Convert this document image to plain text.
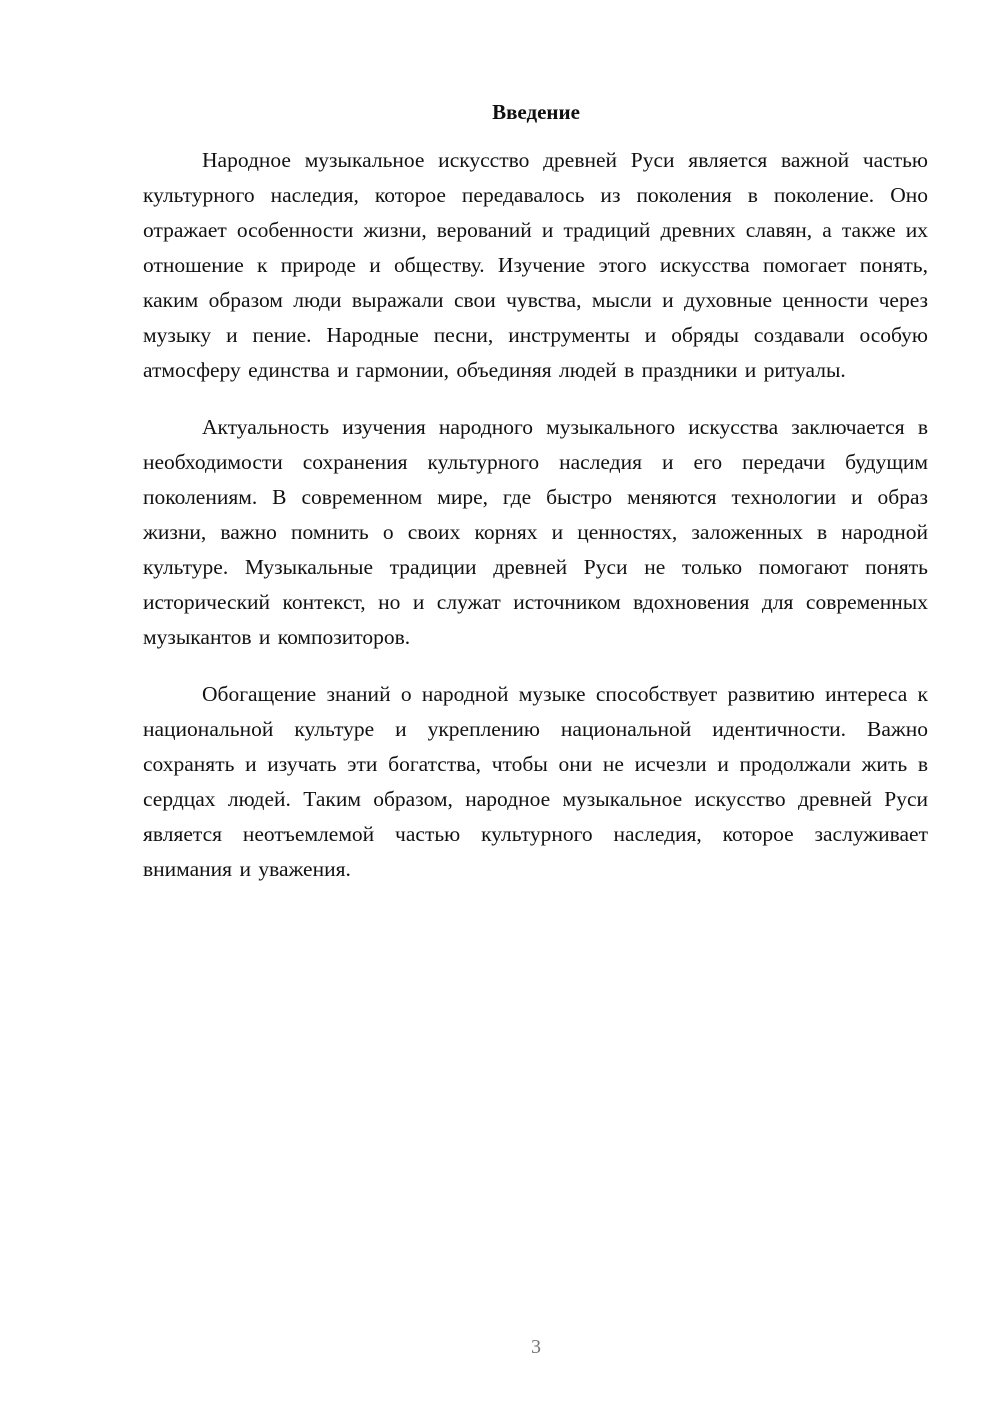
Введение

Народное музыкальное искусство древней Руси является важной частью культурного наследия, которое передавалось из поколения в поколение. Оно отражает особенности жизни, верований и традиций древних славян, а также их отношение к природе и обществу. Изучение этого искусства помогает понять, каким образом люди выражали свои чувства, мысли и духовные ценности через музыку и пение. Народные песни, инструменты и обряды создавали особую атмосферу единства и гармонии, объединяя людей в праздники и ритуалы.

Актуальность изучения народного музыкального искусства заключается в необходимости сохранения культурного наследия и его передачи будущим поколениям. В современном мире, где быстро меняются технологии и образ жизни, важно помнить о своих корнях и ценностях, заложенных в народной культуре. Музыкальные традиции древней Руси не только помогают понять исторический контекст, но и служат источником вдохновения для современных музыкантов и композиторов.

Обогащение знаний о народной музыке способствует развитию интереса к национальной культуре и укреплению национальной идентичности. Важно сохранять и изучать эти богатства, чтобы они не исчезли и продолжали жить в сердцах людей. Таким образом, народное музыкальное искусство древней Руси является неотъемлемой частью культурного наследия, которое заслуживает внимания и уважения.

3
